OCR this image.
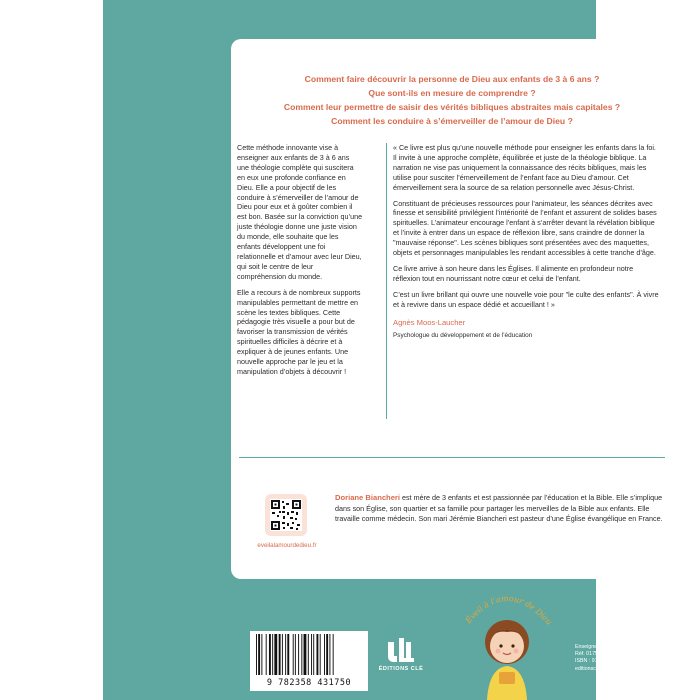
Comment faire découvrir la personne de Dieu aux enfants de 3 à 6 ans ?
Que sont-ils en mesure de comprendre ?
Comment leur permettre de saisir des vérités bibliques abstraites mais capitales ?
Comment les conduire à s’émerveiller de l’amour de Dieu ?

Cette méthode innovante vise à enseigner aux enfants de 3 à 6 ans une théologie complète qui suscitera en eux une profonde confiance en Dieu. Elle a pour objectif de les conduire à s’émerveiller de l’amour de Dieu pour eux et à goûter combien il est bon. Basée sur la conviction qu’une juste théologie donne une juste vision du monde, elle souhaite que les enfants développent une foi relationnelle et d’amour avec leur Dieu, qui soit le centre de leur compréhension du monde.

Elle a recours à de nombreux supports manipulables permettant de mettre en scène les textes bibliques. Cette pédagogie très visuelle a pour but de favoriser la transmission de vérités spirituelles difficiles à décrire et à expliquer à de jeunes enfants. Une nouvelle approche par le jeu et la manipulation d’objets à découvrir !

« Ce livre est plus qu’une nouvelle méthode pour enseigner les enfants dans la foi. Il invite à une approche complète, équilibrée et juste de la théologie biblique. La narration ne vise pas uniquement la connaissance des récits bibliques, mais les utilise pour susciter l’émerveillement de l’enfant face au Dieu d’amour. Cet émerveillement sera la source de sa relation personnelle avec Jésus-Christ.

Constituant de précieuses ressources pour l’animateur, les séances décrites avec finesse et sensibilité privilégient l’intériorité de l’enfant et assurent de solides bases spirituelles. L’animateur encourage l’enfant à s’arrêter devant la révélation biblique et l’invite à entrer dans un espace de réflexion libre, sans craindre de donner la "mauvaise réponse". Les scènes bibliques sont présentées avec des maquettes, objets et personnages manipulables les rendant accessibles à cette tranche d’âge.

Ce livre arrive à son heure dans les Églises. Il alimente en profondeur notre réflexion tout en nourrissant notre cœur et celui de l’enfant.

C’est un livre brillant qui ouvre une nouvelle voie pour "le culte des enfants". À vivre et à revivre dans un espace dédié et accueillant ! »

Agnès Moos-Laucher
Psychologue du développement et de l’éducation
eveilalamourdedieu.fr
Doriane Biancheri est mère de 3 enfants et est passionnée par l’éducation et la Bible. Elle s’implique dans son Église, son quartier et sa famille pour partager les merveilles de la Bible aux enfants. Elle travaille comme médecin. Son mari Jérémie Biancheri est pasteur d’une Église évangélique en France.
9 782358 431750
ÉDITIONS CLÉ
Éveil à l’amour de Dieu
Enseignement des enfants/Pédagogie
Réf. 0175
ISBN : 978-2-35843-175-0
editionscle.com
